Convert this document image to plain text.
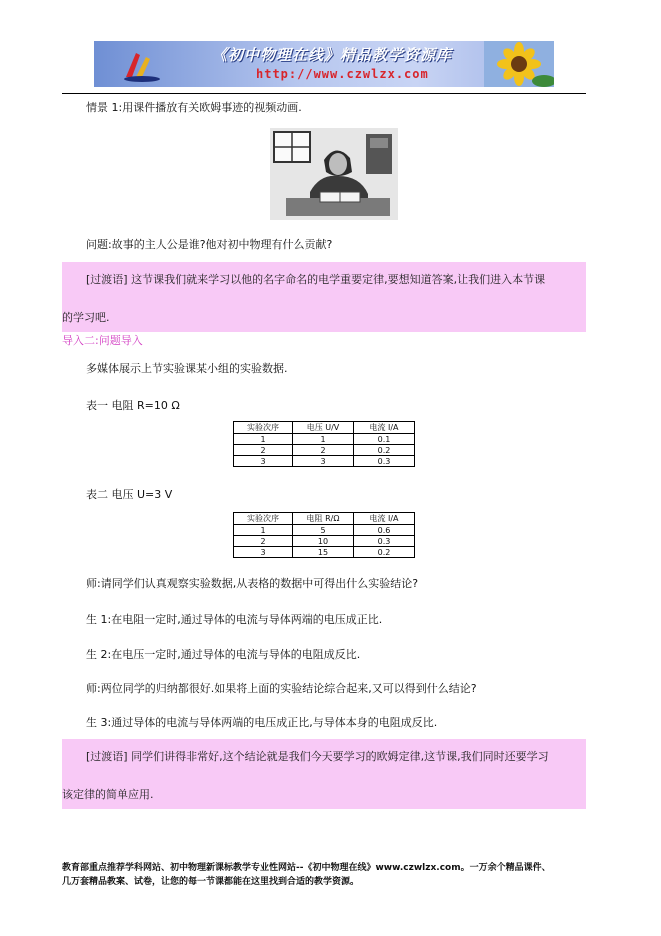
《初中物理在线》精品教学资源库
http://www.czwlzx.com
情景 1:用课件播放有关欧姆事迹的视频动画.
问题:故事的主人公是谁?他对初中物理有什么贡献?
[过渡语] 这节课我们就来学习以他的名字命名的电学重要定律,要想知道答案,让我们进入本节课
的学习吧.
导入二:问题导入
多媒体展示上节实验课某小组的实验数据.
表一 电阻 R=10 Ω
实验次序	电压 U/V	电流 I/A
1	1	0.1
2	2	0.2
3	3	0.3
表二 电压 U=3 V
实验次序	电阻 R/Ω	电流 I/A
1	5	0.6
2	10	0.3
3	15	0.2
师:请同学们认真观察实验数据,从表格的数据中可得出什么实验结论?
生 1:在电阻一定时,通过导体的电流与导体两端的电压成正比.
生 2:在电压一定时,通过导体的电流与导体的电阻成反比.
师:两位同学的归纳都很好.如果将上面的实验结论综合起来,又可以得到什么结论?
生 3:通过导体的电流与导体两端的电压成正比,与导体本身的电阻成反比.
[过渡语] 同学们讲得非常好,这个结论就是我们今天要学习的欧姆定律,这节课,我们同时还要学习
该定律的简单应用.
教育部重点推荐学科网站、初中物理新课标教学专业性网站--《初中物理在线》www.czwlzx.com。一万余个精品课件、
几万套精品教案、试卷，让您的每一节课都能在这里找到合适的教学资源。
